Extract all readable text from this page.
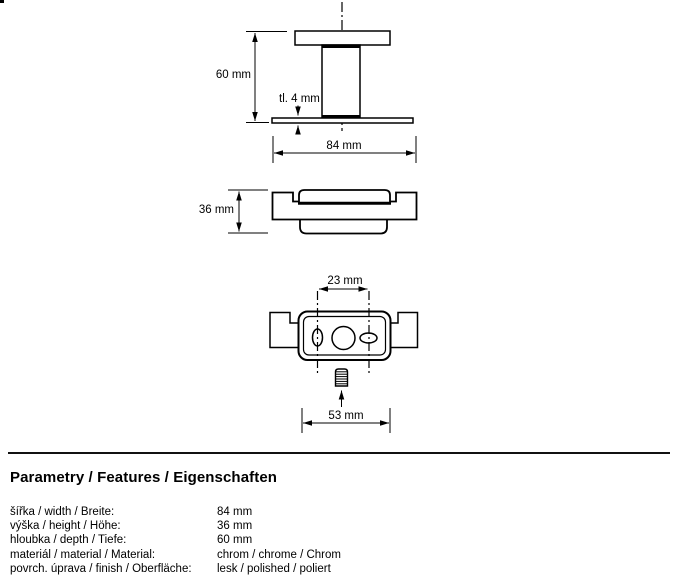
60 mm
tl. 4 mm
84 mm
36 mm
23 mm
53 mm
Parametry / Features / Eigenschaften
šířka / width / Breite:	84 mm
výška / height / Höhe:	36 mm
hloubka / depth / Tiefe:	60 mm
materiál / material / Material:	chrom / chrome / Chrom
povrch. úprava / finish / Oberfläche:	lesk / polished / poliert
